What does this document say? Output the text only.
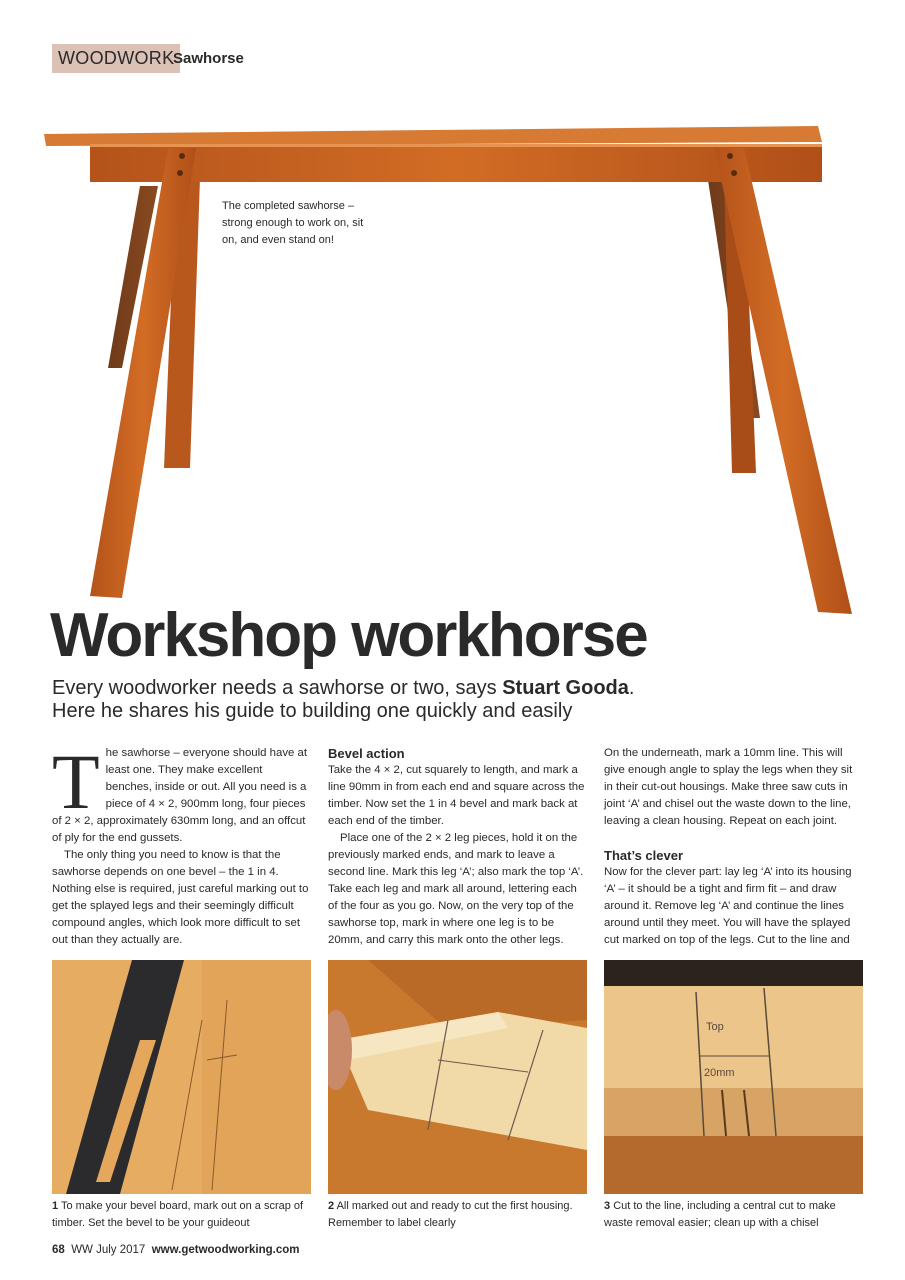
WOODWORK
Sawhorse
The completed sawhorse – strong enough to work on, sit on, and even stand on!
Workshop workhorse
Every woodworker needs a sawhorse or two, says Stuart Gooda.
Here he shares his guide to building one quickly and easily

The sawhorse – everyone should have at least one. They make excellent benches, inside or out. All you need is a piece of 4 × 2, 900mm long, four pieces of 2 × 2, approximately 630mm long, and an offcut of ply for the end gussets.

The only thing you need to know is that the sawhorse depends on one bevel – the 1 in 4. Nothing else is required, just careful marking out to get the splayed legs and their seemingly difficult compound angles, which look more difficult to set out than they actually are.

Bevel action

Take the 4 × 2, cut squarely to length, and mark a line 90mm in from each end and square across the timber. Now set the 1 in 4 bevel and mark back at each end of the timber.

Place one of the 2 × 2 leg pieces, hold it on the previously marked ends, and mark to leave a second line. Mark this leg ‘A’; also mark the top ‘A’. Take each leg and mark all around, lettering each of the four as you go. Now, on the very top of the sawhorse top, mark in where one leg is to be 20mm, and carry this mark onto the other legs.

On the underneath, mark a 10mm line. This will give enough angle to splay the legs when they sit in their cut-out housings. Make three saw cuts in joint ‘A’ and chisel out the waste down to the line, leaving a clean housing. Repeat on each joint.

That’s clever

Now for the clever part: lay leg ‘A’ into its housing ‘A’ – it should be a tight and firm fit – and draw around it. Remove leg ‘A’ and continue the lines around until they meet. You will have the splayed cut marked on top of the legs. Cut to the line and

Top
20mm
1 To make your bevel board, mark out on a scrap of timber. Set the bevel to be your guideout
2 All marked out and ready to cut the first housing. Remember to label clearly
3 Cut to the line, including a central cut to make waste removal easier; clean up with a chisel
68 WW July 2017 www.getwoodworking.com
